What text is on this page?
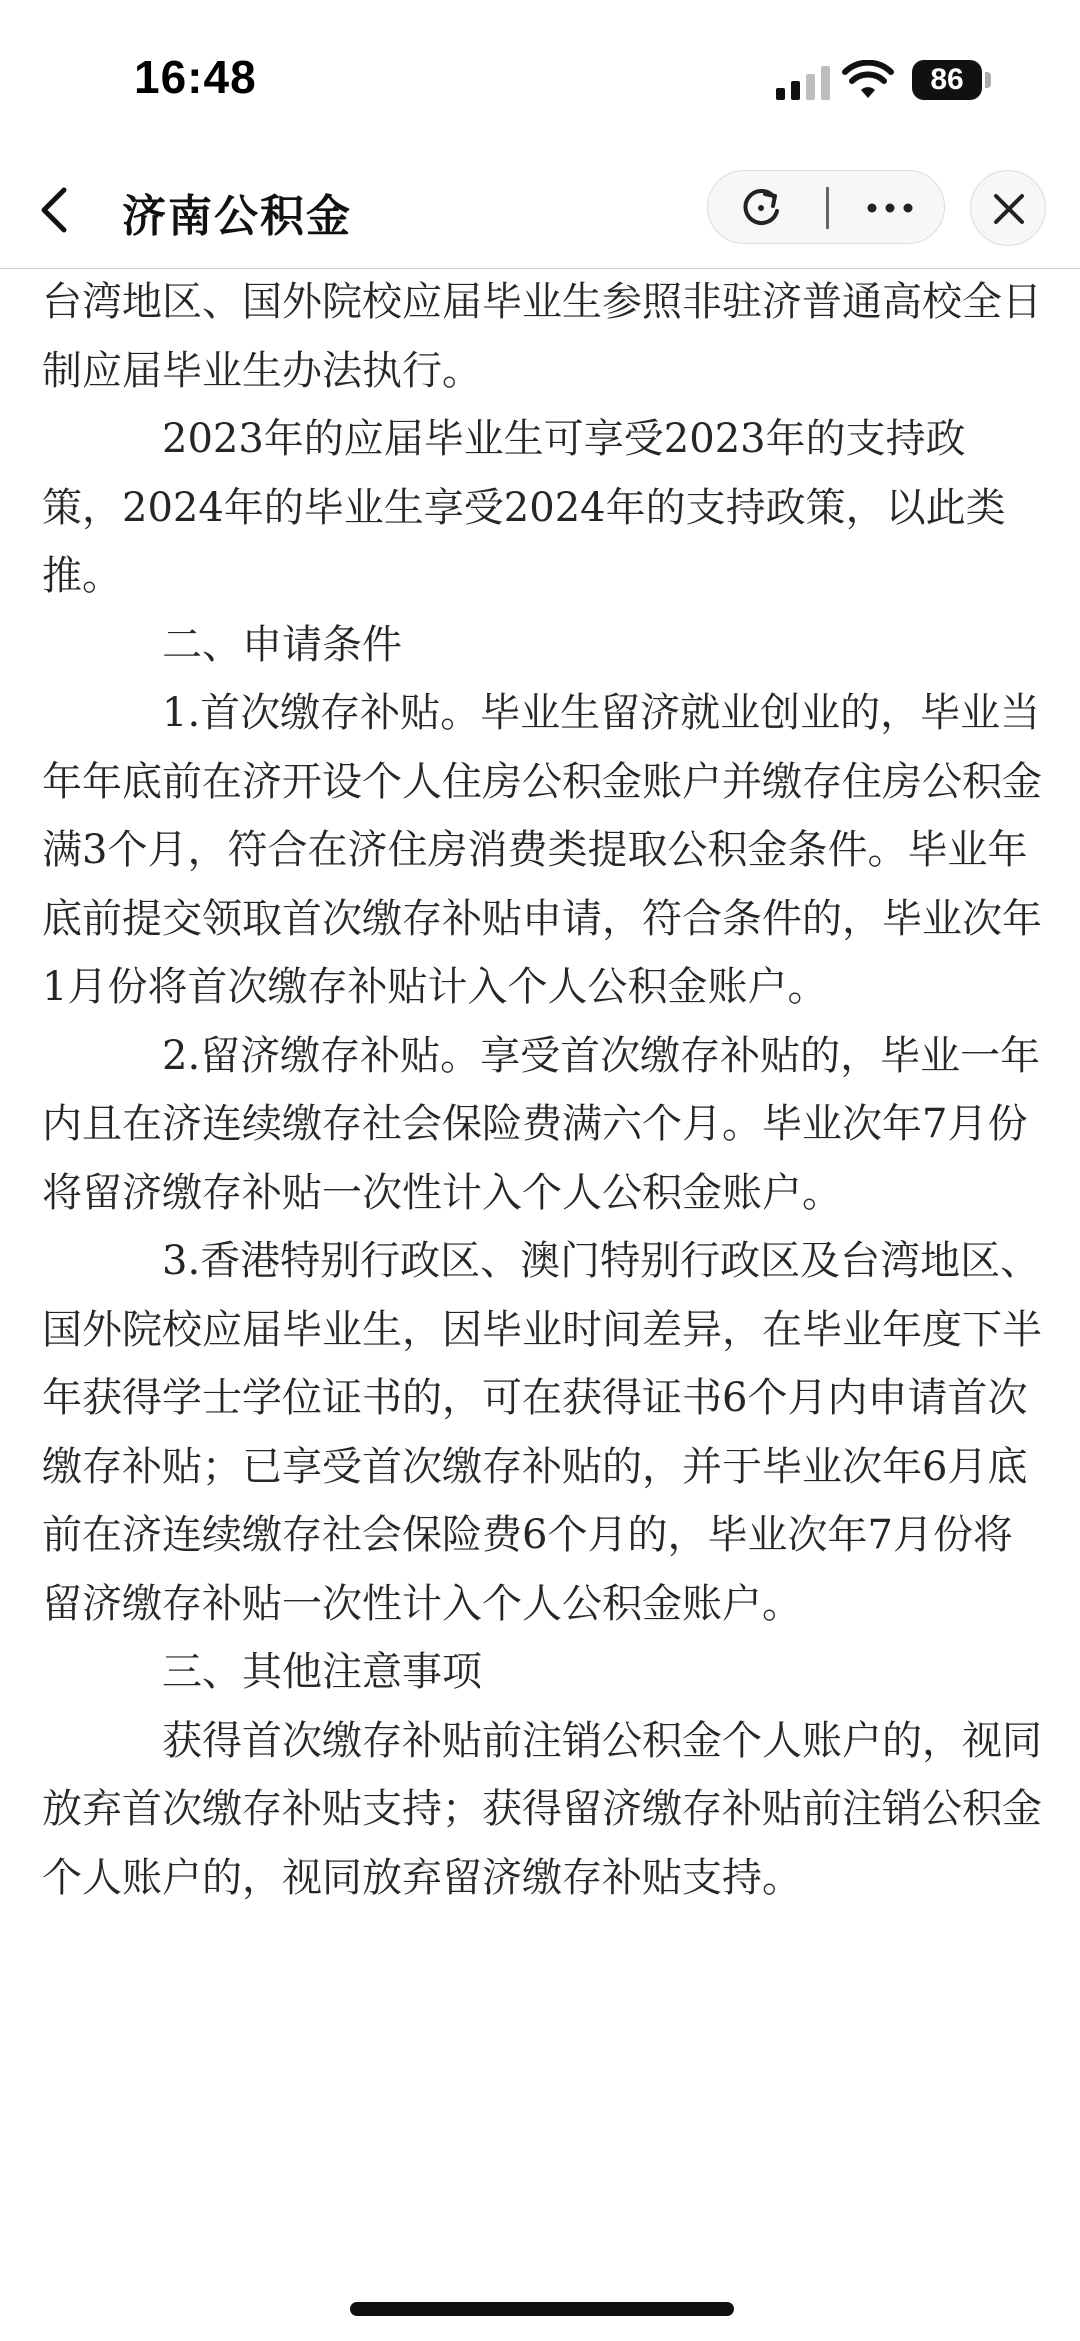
16:48	86
济南公积金

台湾地区、国外院校应届毕业生参照非驻济普通高校全日制应届毕业生办法执行。

2023年的应届毕业生可享受2023年的支持政策，2024年的毕业生享受2024年的支持政策，以此类推。

二、申请条件

1.首次缴存补贴。毕业生留济就业创业的，毕业当年年底前在济开设个人住房公积金账户并缴存住房公积金满3个月，符合在济住房消费类提取公积金条件。毕业年底前提交领取首次缴存补贴申请，符合条件的，毕业次年1月份将首次缴存补贴计入个人公积金账户。

2.留济缴存补贴。享受首次缴存补贴的，毕业一年内且在济连续缴存社会保险费满六个月。毕业次年7月份将留济缴存补贴一次性计入个人公积金账户。

3.香港特别行政区、澳门特别行政区及台湾地区、国外院校应届毕业生，因毕业时间差异，在毕业年度下半年获得学士学位证书的，可在获得证书6个月内申请首次缴存补贴；已享受首次缴存补贴的，并于毕业次年6月底前在济连续缴存社会保险费6个月的，毕业次年7月份将留济缴存补贴一次性计入个人公积金账户。

三、其他注意事项

获得首次缴存补贴前注销公积金个人账户的，视同放弃首次缴存补贴支持；获得留济缴存补贴前注销公积金个人账户的，视同放弃留济缴存补贴支持。
